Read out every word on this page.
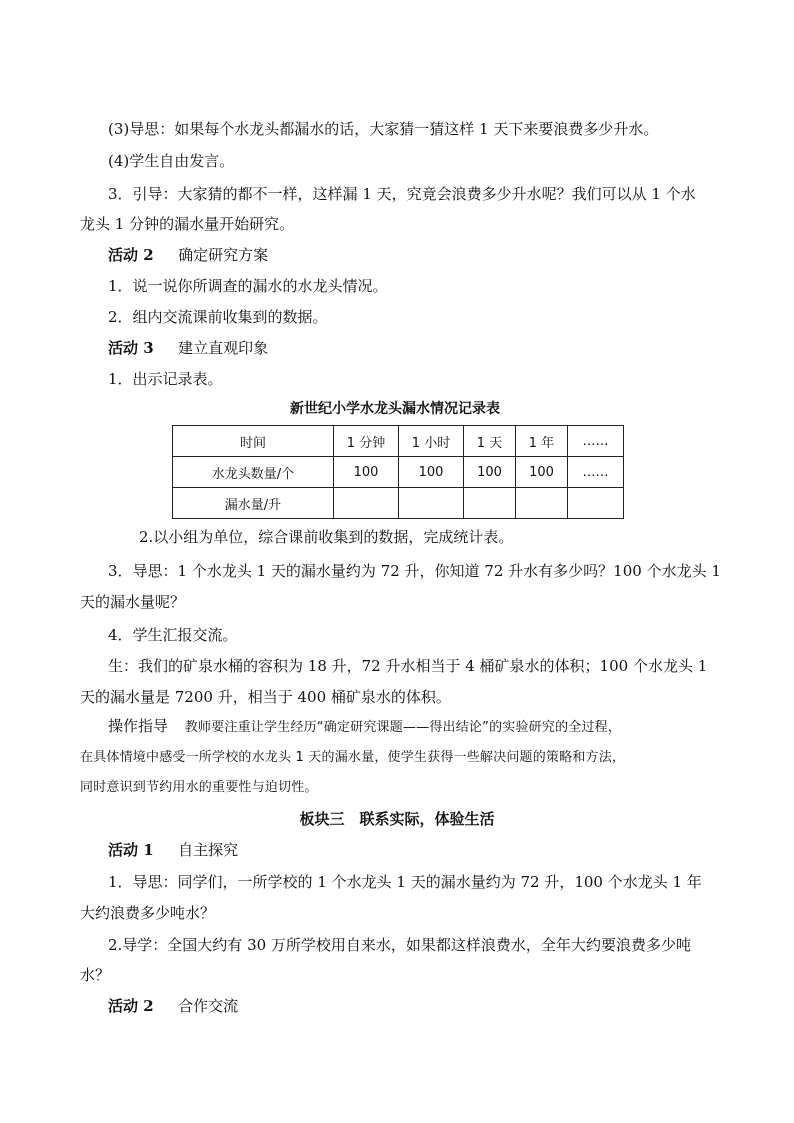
(3)导思：如果每个水龙头都漏水的话，大家猜一猜这样 1 天下来要浪费多少升水。
(4)学生自由发言。
3．引导：大家猜的都不一样，这样漏 1 天，究竟会浪费多少升水呢？我们可以从 1 个水
龙头 1 分钟的漏水量开始研究。
活动 2 确定研究方案
1．说一说你所调查的漏水的水龙头情况。
2．组内交流课前收集到的数据。
活动 3 建立直观印象
1．出示记录表。
新世纪小学水龙头漏水情况记录表
时间	1 分钟	1 小时	1 天	1 年	……
水龙头数量/个	100	100	100	100	……
漏水量/升					
2.以小组为单位，综合课前收集到的数据，完成统计表。
3．导思：1 个水龙头 1 天的漏水量约为 72 升，你知道 72 升水有多少吗？100 个水龙头 1
天的漏水量呢？
4．学生汇报交流。
生：我们的矿泉水桶的容积为 18 升，72 升水相当于 4 桶矿泉水的体积；100 个水龙头 1
天的漏水量是 7200 升，相当于 400 桶矿泉水的体积。
操作指导 教师要注重让学生经历“确定研究课题——得出结论”的实验研究的全过程，
在具体情境中感受一所学校的水龙头 1 天的漏水量，使学生获得一些解决问题的策略和方法，
同时意识到节约用水的重要性与迫切性。
板块三　联系实际，体验生活
活动 1 自主探究
1．导思：同学们，一所学校的 1 个水龙头 1 天的漏水量约为 72 升，100 个水龙头 1 年
大约浪费多少吨水？
2.导学：全国大约有 30 万所学校用自来水，如果都这样浪费水，全年大约要浪费多少吨
水？
活动 2 合作交流
